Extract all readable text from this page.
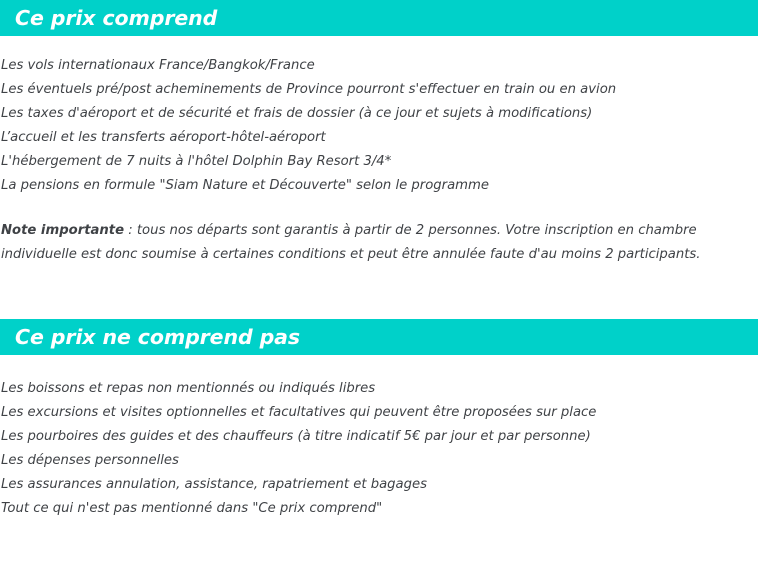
Ce prix comprend
Les vols internationaux France/Bangkok/France
Les éventuels pré/post acheminements de Province pourront s'effectuer en train ou en avion
Les taxes d'aéroport et de sécurité et frais de dossier (à ce jour et sujets à modifications)
L’accueil et les transferts aéroport-hôtel-aéroport
L'hébergement de 7 nuits à l'hôtel Dolphin Bay Resort 3/4*
La pensions en formule "Siam Nature et Découverte" selon le programme

Note importante : tous nos départs sont garantis à partir de 2 personnes. Votre inscription en chambre individuelle est donc soumise à certaines conditions et peut être annulée faute d'au moins 2 participants.

Ce prix ne comprend pas
Les boissons et repas non mentionnés ou indiqués libres
Les excursions et visites optionnelles et facultatives qui peuvent être proposées sur place
Les pourboires des guides et des chauffeurs (à titre indicatif 5€ par jour et par personne)
Les dépenses personnelles
Les assurances annulation, assistance, rapatriement et bagages
Tout ce qui n'est pas mentionné dans "Ce prix comprend"
